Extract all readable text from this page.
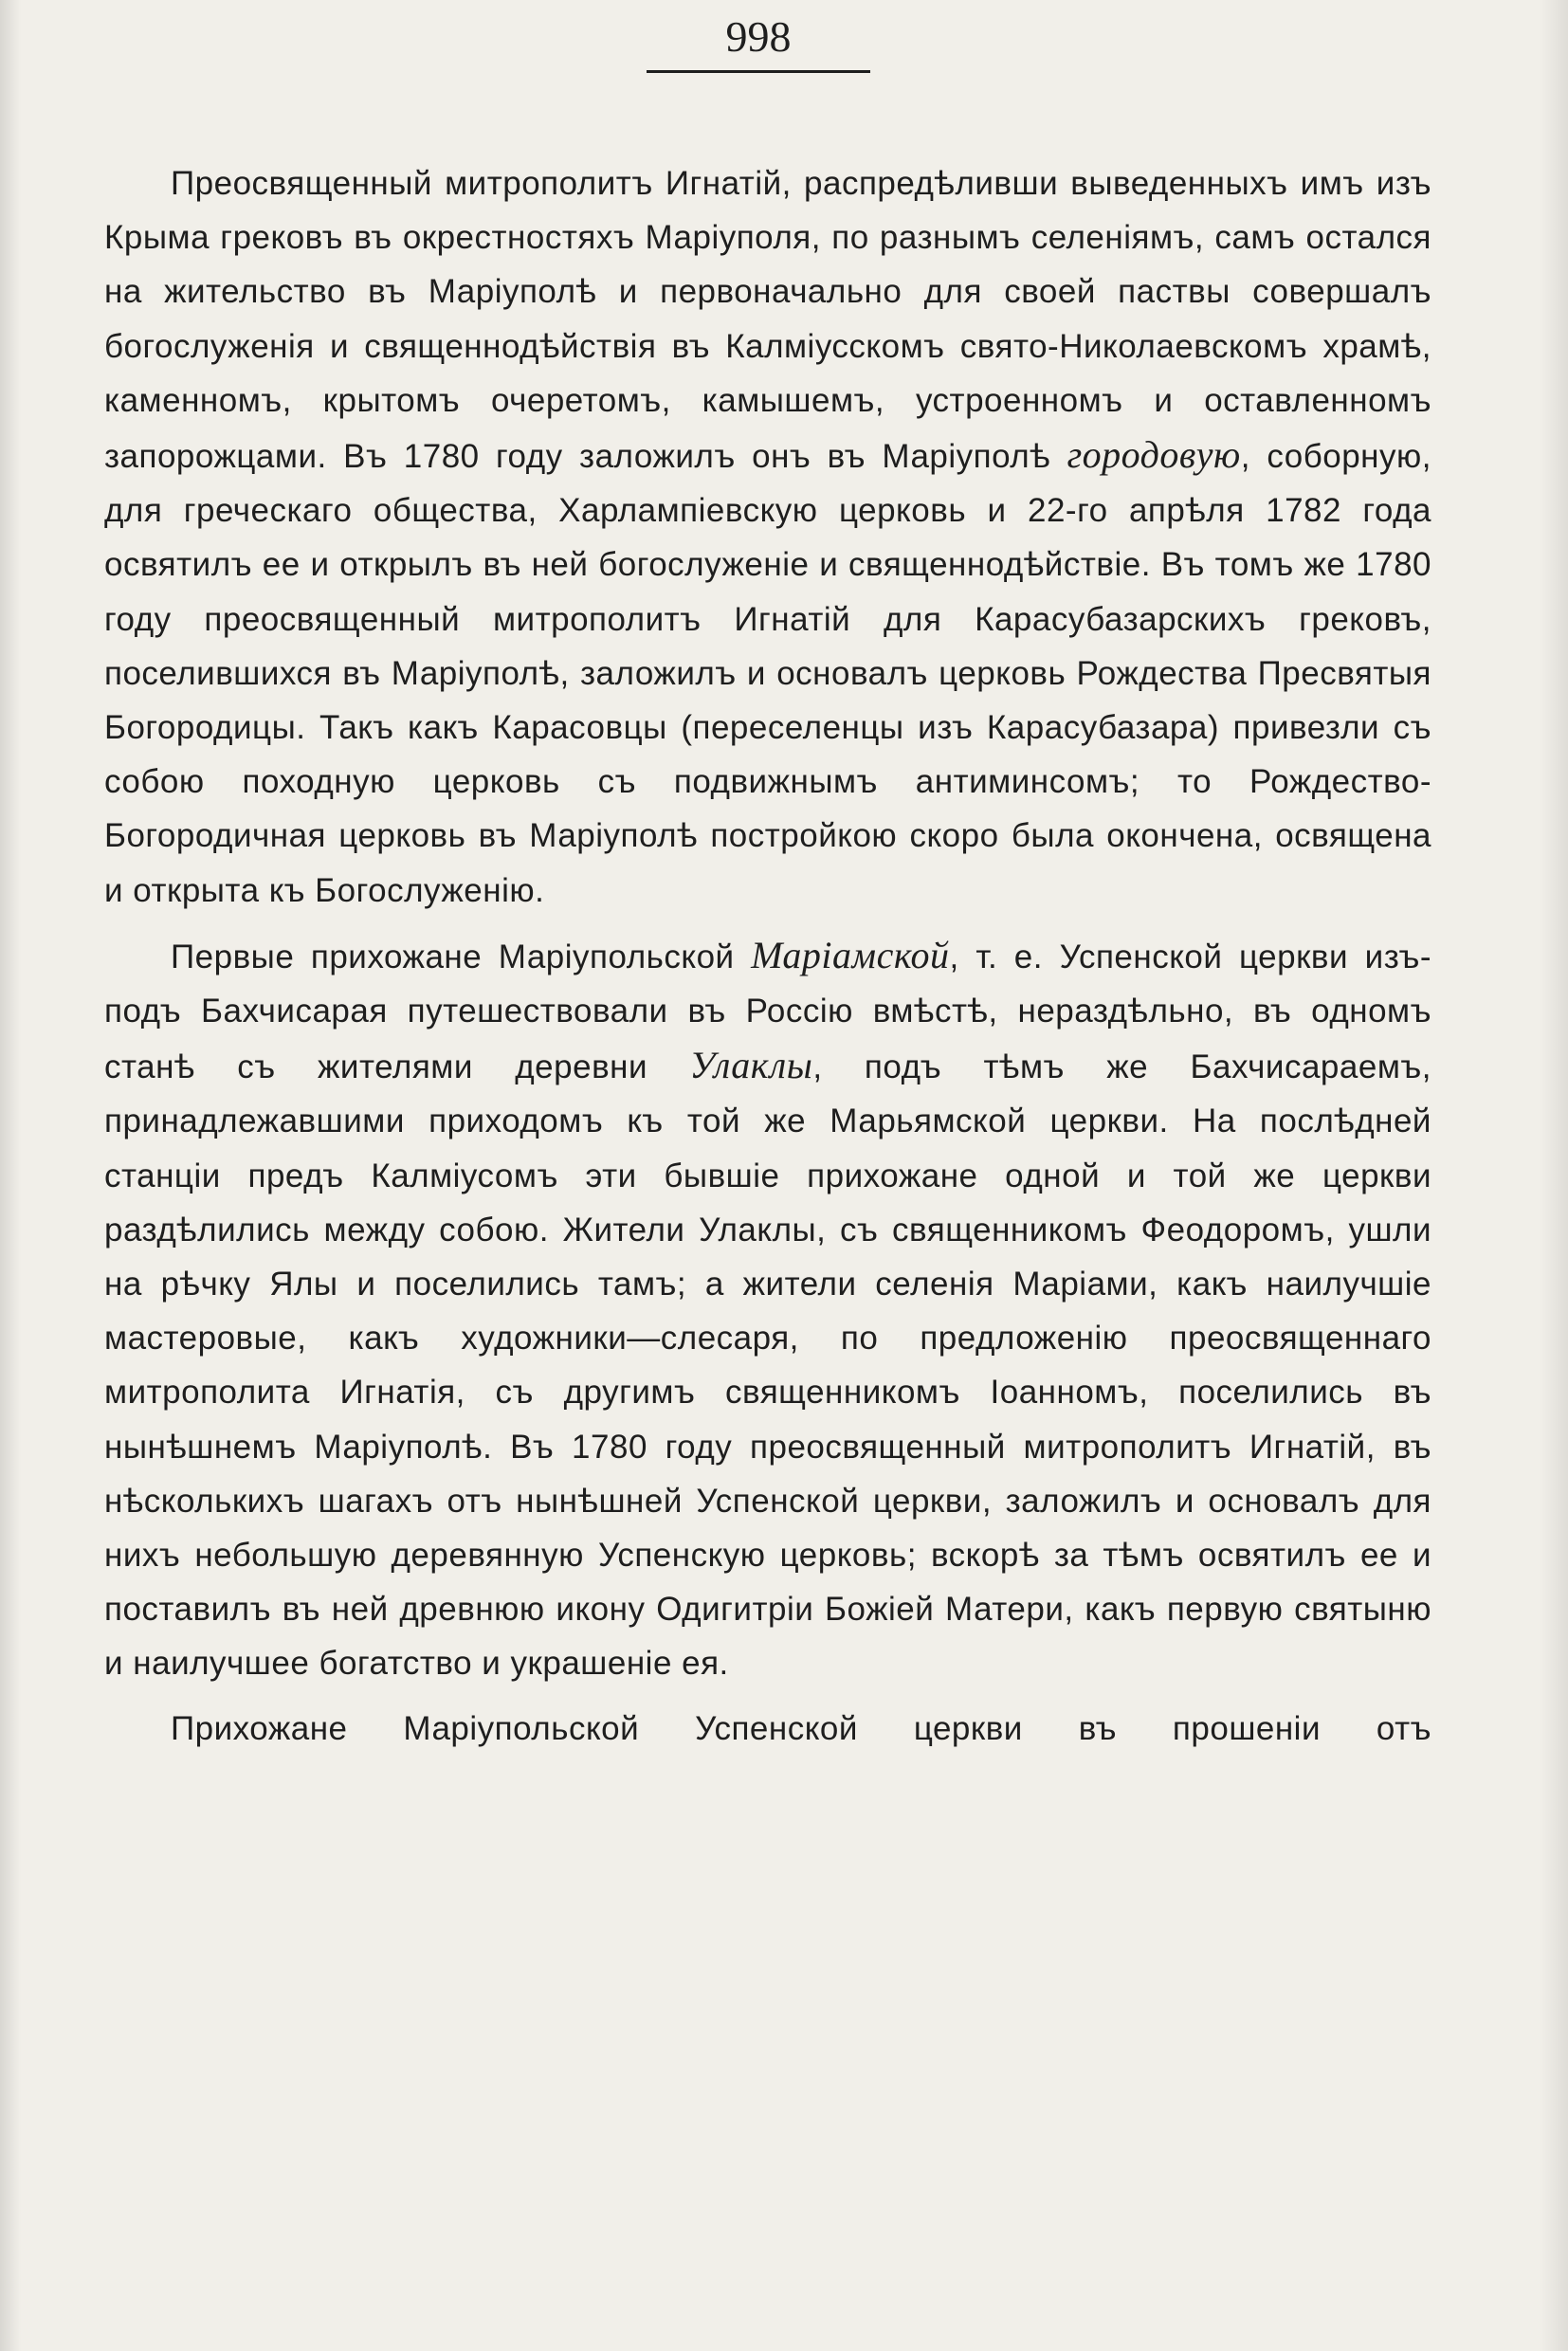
998

Преосвященный митрополитъ Игнатій, распредѣливши выведенныхъ имъ изъ Крыма грековъ въ окрестностяхъ Маріуполя, по разнымъ селеніямъ, самъ остался на жительство въ Маріуполѣ и первоначально для своей паствы совершалъ богослуженія и священнодѣйствія въ Калміусскомъ свято-Николаевскомъ храмѣ, каменномъ, крытомъ очеретомъ, камышемъ, устроенномъ и оставленномъ запорожцами. Въ 1780 году заложилъ онъ въ Маріуполѣ городовую, соборную, для греческаго общества, Харлампіевскую церковь и 22-го апрѣля 1782 года освятилъ ее и открылъ въ ней богослуженіе и священнодѣйствіе. Въ томъ же 1780 году преосвященный митрополитъ Игнатій для Карасубазарскихъ грековъ, поселившихся въ Маріуполѣ, заложилъ и основалъ церковь Рождества Пресвятыя Богородицы. Такъ какъ Карасовцы (переселенцы изъ Карасубазара) привезли съ собою походную церковь съ подвижнымъ антиминсомъ; то Рождество-Богородичная церковь въ Маріуполѣ постройкою скоро была окончена, освящена и открыта къ Богослуженію.

Первые прихожане Маріупольской Маріамской, т. е. Успенской церкви изъ-подъ Бахчисарая путешествовали въ Россію вмѣстѣ, нераздѣльно, въ одномъ станѣ съ жителями деревни Улаклы, подъ тѣмъ же Бахчисараемъ, принадлежавшими приходомъ къ той же Марьямской церкви. На послѣдней станціи предъ Калміусомъ эти бывшіе прихожане одной и той же церкви раздѣлились между собою. Жители Улаклы, съ священникомъ Феодоромъ, ушли на рѣчку Ялы и поселились тамъ; а жители селенія Маріами, какъ наилучшіе мастеровые, какъ художники—слесаря, по предложенію преосвященнаго митрополита Игнатія, съ другимъ священникомъ Іоанномъ, поселились въ нынѣшнемъ Маріуполѣ. Въ 1780 году преосвященный митрополитъ Игнатій, въ нѣсколькихъ шагахъ отъ нынѣшней Успенской церкви, заложилъ и основалъ для нихъ небольшую деревянную Успенскую церковь; вскорѣ за тѣмъ освятилъ ее и поставилъ въ ней древнюю икону Одигитріи Божіей Матери, какъ первую святыню и наилучшее богатство и украшеніе ея.

Прихожане Маріупольской Успенской церкви въ прошеніи отъ
